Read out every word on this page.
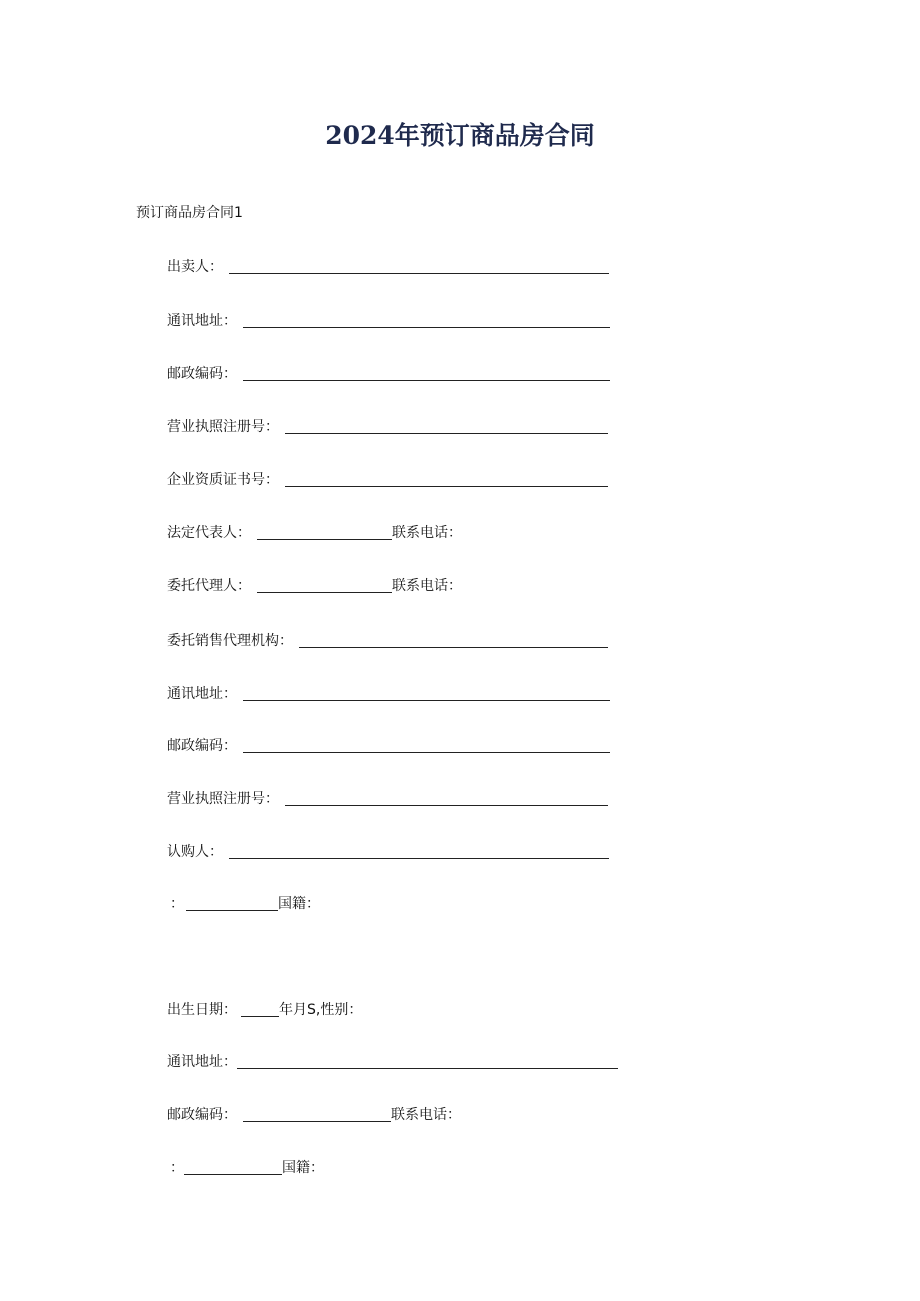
2024年预订商品房合同
预订商品房合同1
出卖人：
通讯地址：
邮政编码：
营业执照注册号：
企业资质证书号：
法定代表人：	联系电话：
委托代理人：	联系电话：
委托销售代理机构：
通讯地址：
邮政编码：
营业执照注册号：
认购人：
：	国籍：
出生日期：	年月S,性别：
通讯地址：
邮政编码：	联系电话：
：	国籍：
